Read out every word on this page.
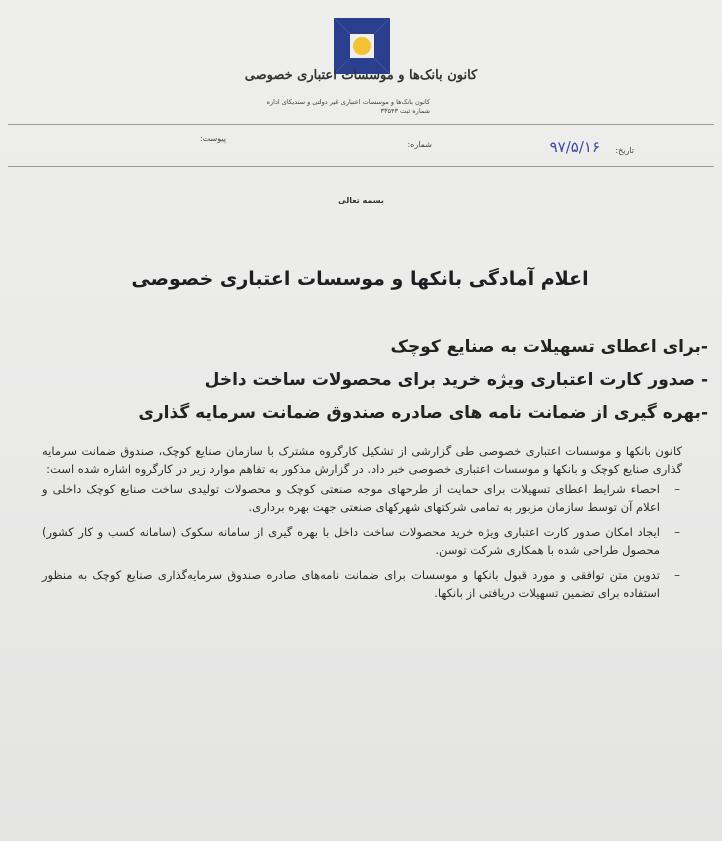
کانون بانک‌ها و موسسات اعتباری خصوصی
کانون بانک‌ها و موسسات اعتباری غیر دولتی و سندیکای اداره
شماره ثبت ۳۳۵۴۳
تاریخ:
۹۷/۵/۱۶
شماره:
پیوست:
بسمه تعالی
اعلام آمادگی بانکها و موسسات اعتباری خصوصی
-برای اعطای تسهیلات به صنایع کوچک
- صدور کارت اعتباری ویژه خرید برای محصولات ساخت داخل
-بهره گیری از ضمانت نامه های صادره صندوق ضمانت سرمایه گذاری

کانون بانکها و موسسات اعتباری خصوصی طی گزارشی از تشکیل کارگروه مشترک با سازمان صنایع کوچک، صندوق ضمانت سرمایه گذاری صنایع کوچک و بانکها و موسسات اعتباری خصوصی خبر داد. در گزارش مذکور به تفاهم موارد زیر در کارگروه اشاره شده است:

–
احصاء شرایط اعطای تسهیلات برای حمایت از طرحهای موجه صنعتی کوچک و محصولات تولیدی ساخت صنایع کوچک داخلی و اعلام آن توسط سازمان مزبور به تمامی شرکتهای شهرکهای صنعتی جهت بهره برداری.
–
ایجاد امکان صدور کارت اعتباری ویژه خرید محصولات ساخت داخل با بهره گیری از سامانه سکوک (سامانه کسب و کار کشور) محصول طراحی شده با همکاری شرکت توسن.
–
تدوین متن توافقی و مورد قبول بانکها و موسسات برای ضمانت نامه‌های صادره صندوق سرمایه‌گذاری صنایع کوچک به منظور استفاده برای تضمین تسهیلات دریافتی از بانکها.
